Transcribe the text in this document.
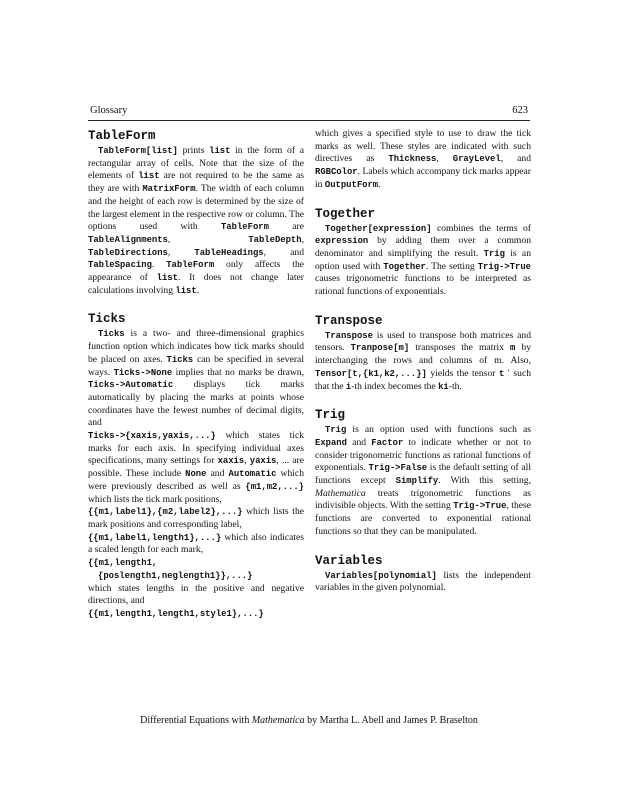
Glossary	623
TableForm

TableForm[list] prints list in the form of a rectangular array of cells. Note that the size of the elements of list are not required to be the same as they are with MatrixForm. The width of each column and the height of each row is determined by the size of the largest element in the respective row or column. The options used with TableForm are TableAlignments, TableDepth, TableDirections, TableHeadings, and TableSpacing. TableForm only affects the appearance of list. It does not change later calculations involving list.

Ticks

Ticks is a two- and three-dimensional graphics function option which indicates how tick marks should be placed on axes. Ticks can be specified in several ways. Ticks->None implies that no marks be drawn, Ticks->Automatic displays tick marks automatically by placing the marks at points whose coordinates have the fewest number of decimal digits, and

Ticks->{xaxis,yaxis,...} which states tick marks for each axis. In specifying individual axes specifications, many settings for xaxis, yaxis, ... are possible. These include None and Automatic which were previously described as well as {m1,m2,...} which lists the tick mark positions,

{{m1,label1},{m2,label2},...} which lists the mark positions and corresponding label,

{{m1,label1,length1},...} which also indicates a scaled length for each mark,

{{m1,length1,
{poslength1,neglength1}},...}

which states lengths in the positive and negative directions, and

{{m1,length1,length1,style1},...}

which gives a specified style to use to draw the tick marks as well. These styles are indicated with such directives as Thickness, GrayLevel, and RGBColor. Labels which accompany tick marks appear in OutputForm.

Together

Together[expression] combines the terms of expression by adding them over a common denominator and simplifying the result. Trig is an option used with Together. The setting Trig->True causes trigonometric functions to be interpreted as rational functions of exponentials.

Transpose

Transpose is used to transpose both matrices and tensors. Tranpose[m] transposes the matrix m by interchanging the rows and columns of m. Also, Tensor[t,{k1,k2,...}] yields the tensor t ′ such that the i-th index becomes the ki-th.

Trig

Trig is an option used with functions such as Expand and Factor to indicate whether or not to consider trigonometric functions as rational functions of exponentials. Trig->False is the default setting of all functions except Simplify. With this setting, Mathematica treats trigonometric functions as indivisible objects. With the setting Trig->True, these functions are converted to exponential rational functions so that they can be manipulated.

Variables

Variables[polynomial] lists the independent variables in the given polynomial.

Differential Equations with Mathematica by Martha L. Abell and James P. Braselton
